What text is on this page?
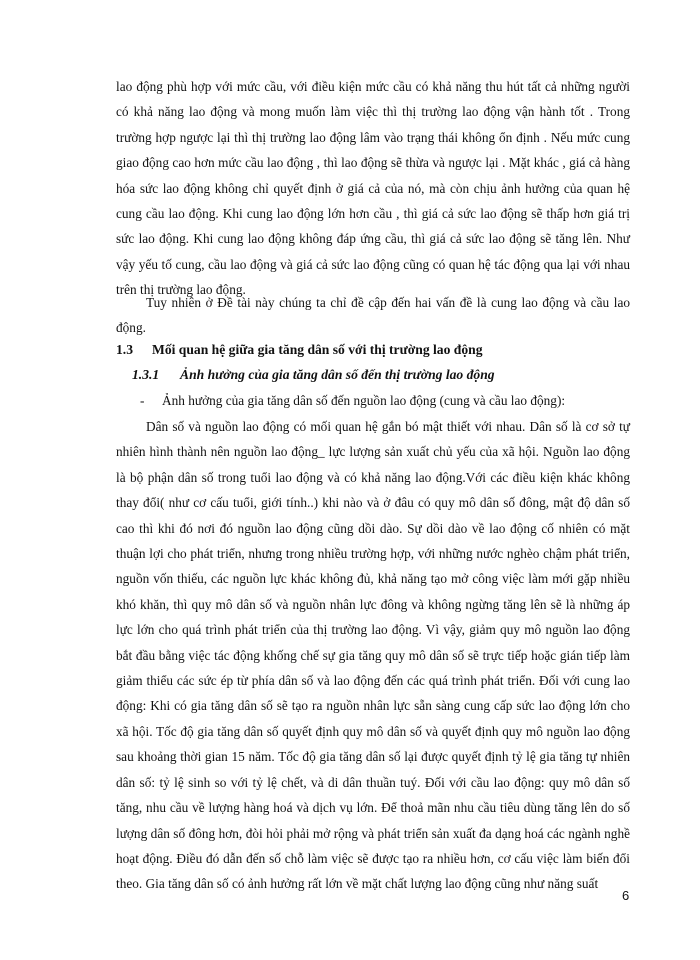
lao động phù hợp với mức cầu, với điều kiện mức cầu có khả năng thu hút tất cả những người có khả năng lao động và mong muốn làm việc thì thị trường lao động vận hành tốt . Trong trường hợp ngược lại thì thị trường lao động lâm vào trạng thái không ổn định . Nếu mức cung giao động cao hơn mức cầu lao động , thì lao động sẽ thừa và ngược lại . Mặt khác , giá cả hàng hóa sức lao động không chỉ quyết định ở giá cả của nó, mà còn chịu ảnh hưởng của quan hệ cung cầu lao động. Khi cung lao động lớn hơn cầu , thì giá cả sức lao động sẽ thấp hơn giá trị sức lao động. Khi cung lao động không đáp ứng cầu, thì giá cả sức lao động sẽ tăng lên. Như vậy yếu tố cung, cầu lao động và giá cả sức lao động cũng có quan hệ tác động qua lại với nhau trên thị trường lao động.

Tuy nhiên ở Đề tài này chúng ta chỉ đề cập đến hai vấn đề là cung lao động và cầu lao động.

1.3 Mối quan hệ giữa gia tăng dân số với thị trường lao động

1.3.1 Ảnh hưởng của gia tăng dân số đến thị trường lao động

- Ảnh hưởng của gia tăng dân số đến nguồn lao động (cung và cầu lao động):

Dân số và nguồn lao động có mối quan hệ gắn bó mật thiết với nhau. Dân số là cơ sở tự nhiên hình thành nên nguồn lao động_ lực lượng sản xuất chủ yếu của xã hội. Nguồn lao động là bộ phận dân số trong tuổi lao động và có khả năng lao động.Với các điều kiện khác không thay đổi( như cơ cấu tuổi, giới tính..) khi nào và ở đâu có quy mô dân số đông, mật độ dân số cao thì khi đó nơi đó nguồn lao động cũng dồi dào. Sự dồi dào về lao động cố nhiên có mặt thuận lợi cho phát triển, nhưng trong nhiều trường hợp, với những nước nghèo chậm phát triển, nguồn vốn thiếu, các nguồn lực khác không đủ, khả năng tạo mở công việc làm mới gặp nhiều khó khăn, thì quy mô dân số và nguồn nhân lực đông và không ngừng tăng lên sẽ là những áp lực lớn cho quá trình phát triển của thị trường lao động. Vì vậy, giảm quy mô nguồn lao động bắt đầu bằng việc tác động khống chế sự gia tăng quy mô dân số sẽ trực tiếp hoặc gián tiếp làm giảm thiểu các sức ép từ phía dân số và lao động đến các quá trình phát triển. Đối với cung lao động: Khi có gia tăng dân số sẽ tạo ra nguồn nhân lực sẵn sàng cung cấp sức lao động lớn cho xã hội. Tốc độ gia tăng dân số quyết định quy mô dân số và quyết định quy mô nguồn lao động sau khoảng thời gian 15 năm. Tốc độ gia tăng dân số lại được quyết định tỷ lệ gia tăng tự nhiên dân số: tỷ lệ sinh so với tỷ lệ chết, và di dân thuần tuý. Đối với cầu lao động: quy mô dân số tăng, nhu cầu về lượng hàng hoá và dịch vụ lớn. Để thoả mãn nhu cầu tiêu dùng tăng lên do số lượng dân số đông hơn, đòi hỏi phải mở rộng và phát triển sản xuất đa dạng hoá các ngành nghề hoạt động. Điều đó dẫn đến số chỗ làm việc sẽ được tạo ra nhiều hơn, cơ cấu việc làm biến đổi theo. Gia tăng dân số có ảnh hưởng rất lớn về mặt chất lượng lao động cũng như năng suất

6
